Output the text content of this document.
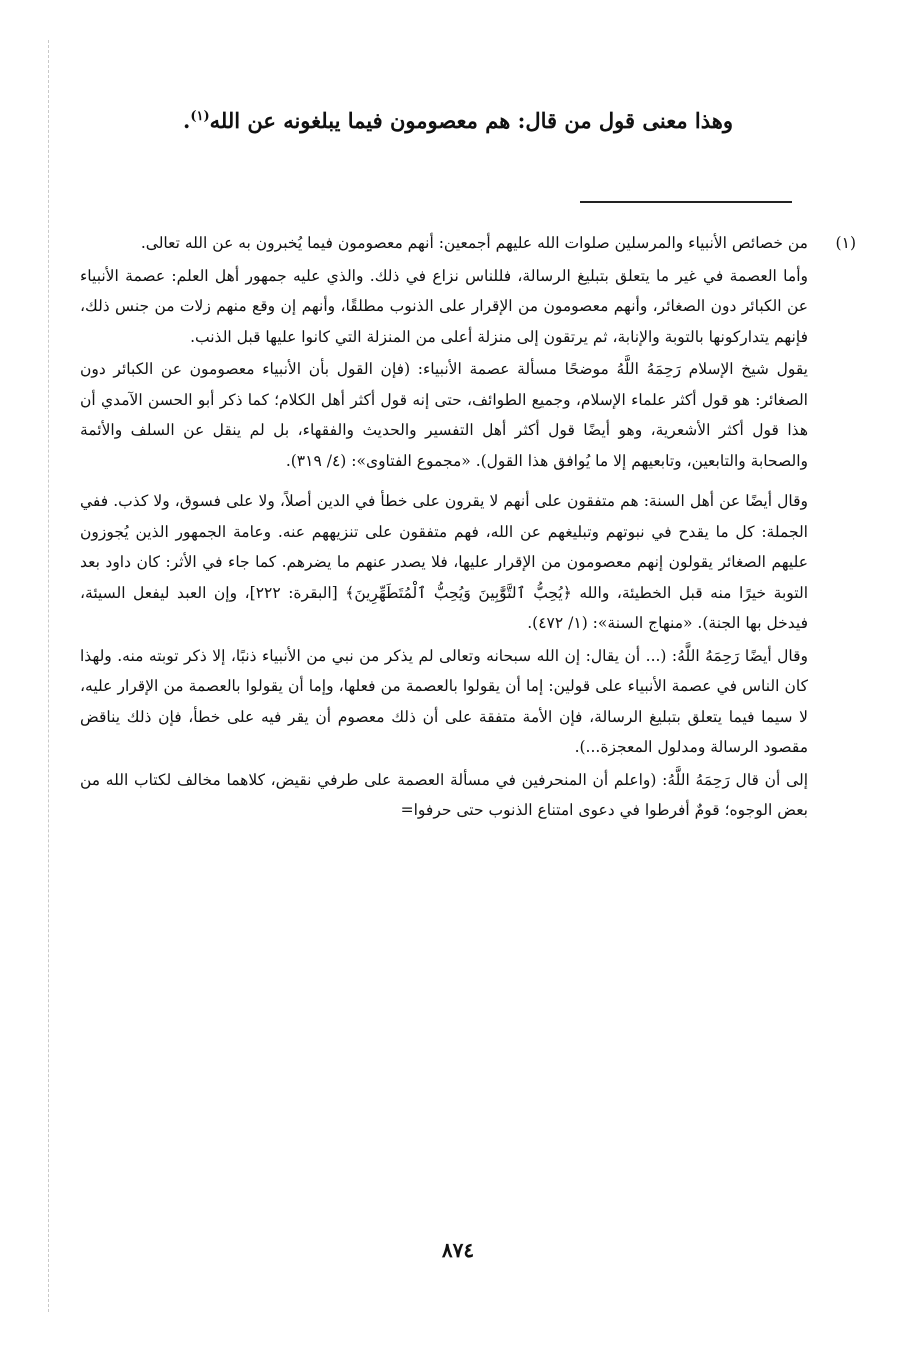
وهذا معنى قول من قال: هم معصومون فيما يبلغونه عن الله$^{(١)}$.
(١)

من خصائص الأنبياء والمرسلين صلوات الله عليهم أجمعين: أنهم معصومون فيما يُخبرون به عن الله تعالى.

وأما العصمة في غير ما يتعلق بتبليغ الرسالة، فللناس نزاع في ذلك. والذي عليه جمهور أهل العلم: عصمة الأنبياء عن الكبائر دون الصغائر، وأنهم معصومون من الإقرار على الذنوب مطلقًا، وأنهم إن وقع منهم زلات من جنس ذلك، فإنهم يتداركونها بالتوبة والإنابة، ثم يرتقون إلى منزلة أعلى من المنزلة التي كانوا عليها قبل الذنب.

يقول شيخ الإسلام رَحِمَهُ اللَّهُ موضحًا مسألة عصمة الأنبياء: (فإن القول بأن الأنبياء معصومون عن الكبائر دون الصغائر: هو قول أكثر علماء الإسلام، وجميع الطوائف، حتى إنه قول أكثر أهل الكلام؛ كما ذكر أبو الحسن الآمدي أن هذا قول أكثر الأشعرية، وهو أيضًا قول أكثر أهل التفسير والحديث والفقهاء، بل لم ينقل عن السلف والأئمة والصحابة والتابعين، وتابعيهم إلا ما يُوافق هذا القول). «مجموع الفتاوى»: (٤/ ٣١٩).

وقال أيضًا عن أهل السنة: هم متفقون على أنهم لا يقرون على خطأ في الدين أصلاً، ولا على فسوق، ولا كذب. ففي الجملة: كل ما يقدح في نبوتهم وتبليغهم عن الله، فهم متفقون على تنزيههم عنه. وعامة الجمهور الذين يُجوزون عليهم الصغائر يقولون إنهم معصومون من الإقرار عليها، فلا يصدر عنهم ما يضرهم. كما جاء في الأثر: كان داود بعد التوبة خيرًا منه قبل الخطيئة، والله ﴿يُحِبُّ ٱلتَّوَّٰبِينَ وَيُحِبُّ ٱلْمُتَطَهِّرِينَ﴾ [البقرة: ٢٢٢]، وإن العبد ليفعل السيئة، فيدخل بها الجنة). «منهاج السنة»: (١/ ٤٧٢).

وقال أيضًا رَحِمَهُ اللَّهُ: (... أن يقال: إن الله سبحانه وتعالى لم يذكر من نبي من الأنبياء ذنبًا، إلا ذكر توبته منه. ولهذا كان الناس في عصمة الأنبياء على قولين: إما أن يقولوا بالعصمة من فعلها، وإما أن يقولوا بالعصمة من الإقرار عليه، لا سيما فيما يتعلق بتبليغ الرسالة، فإن الأمة متفقة على أن ذلك معصوم أن يقر فيه على خطأ، فإن ذلك يناقض مقصود الرسالة ومدلول المعجزة...).

إلى أن قال رَحِمَهُ اللَّهُ: (واعلم أن المنحرفين في مسألة العصمة على طرفي نقيض، كلاهما مخالف لكتاب الله من بعض الوجوه؛ قومٌ أفرطوا في دعوى امتناع الذنوب حتى حرفوا=

٨٧٤
